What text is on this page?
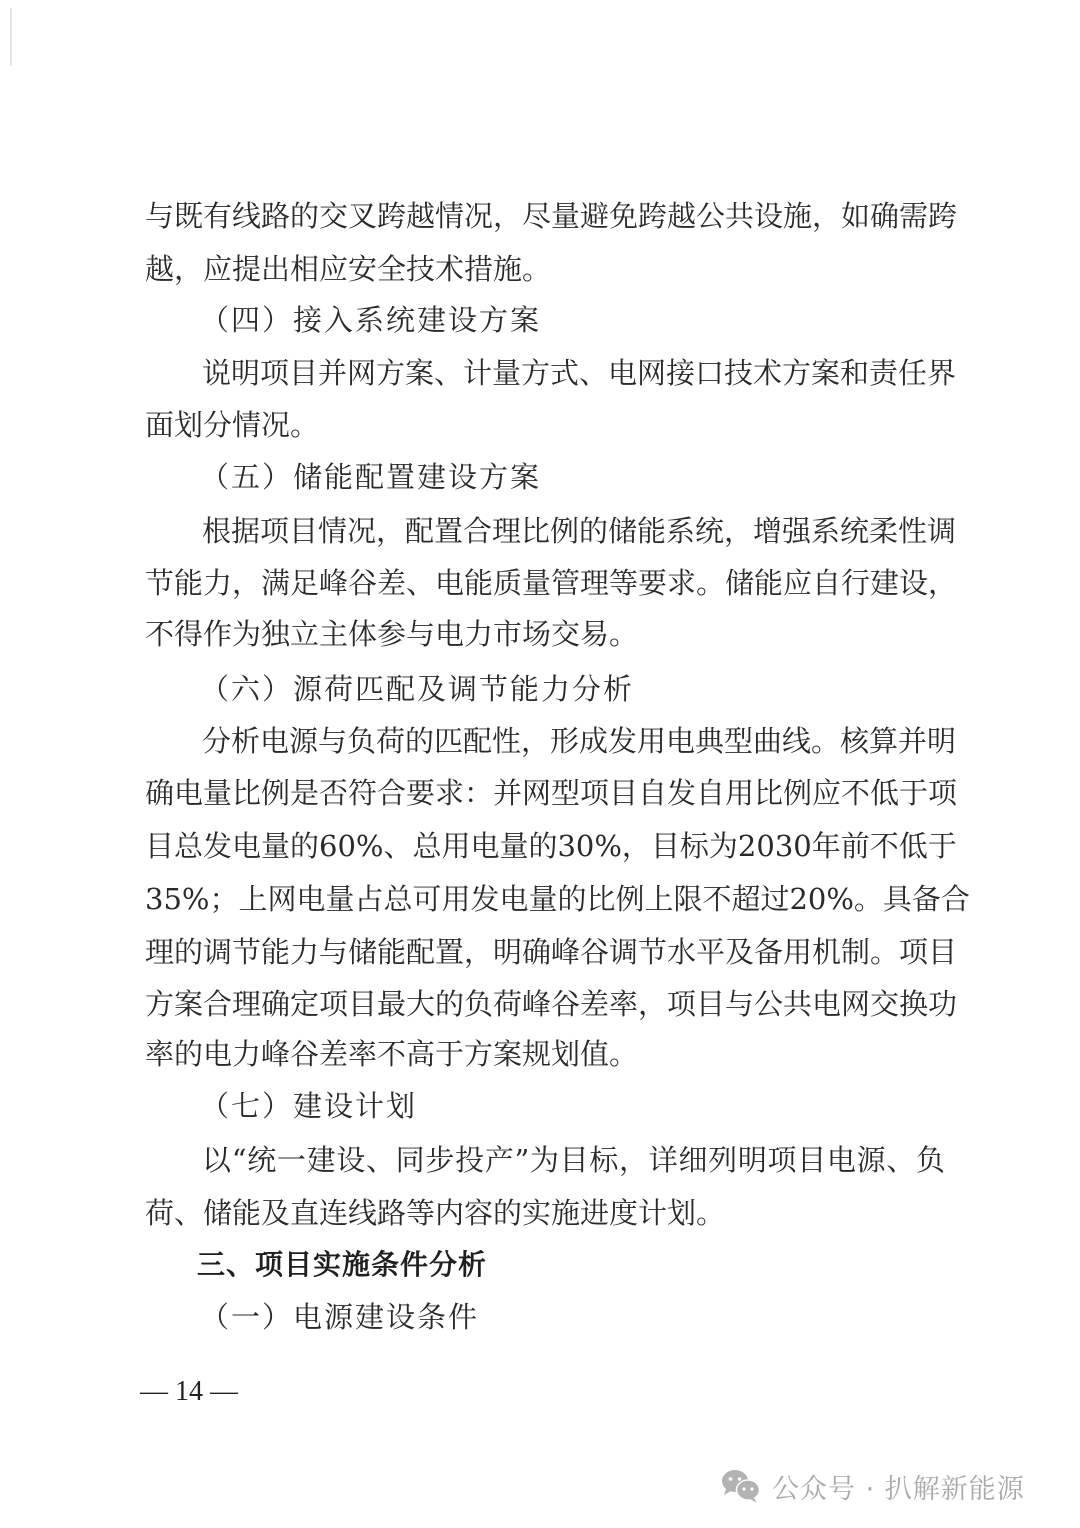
与既有线路的交叉跨越情况，尽量避免跨越公共设施，如确需跨
越，应提出相应安全技术措施。
（四）接入系统建设方案
说明项目并网方案、计量方式、电网接口技术方案和责任界
面划分情况。
（五）储能配置建设方案
根据项目情况，配置合理比例的储能系统，增强系统柔性调
节能力，满足峰谷差、电能质量管理等要求。储能应自行建设，
不得作为独立主体参与电力市场交易。
（六）源荷匹配及调节能力分析
分析电源与负荷的匹配性，形成发用电典型曲线。核算并明
确电量比例是否符合要求：并网型项目自发自用比例应不低于项
目总发电量的60%、总用电量的30%，目标为2030年前不低于
35%；上网电量占总可用发电量的比例上限不超过20%。具备合
理的调节能力与储能配置，明确峰谷调节水平及备用机制。项目
方案合理确定项目最大的负荷峰谷差率，项目与公共电网交换功
率的电力峰谷差率不高于方案规划值。
（七）建设计划
以“统一建设、同步投产”为目标，详细列明项目电源、负
荷、储能及直连线路等内容的实施进度计划。
三、项目实施条件分析
（一）电源建设条件
— 14 —
公众号 · 扒解新能源
